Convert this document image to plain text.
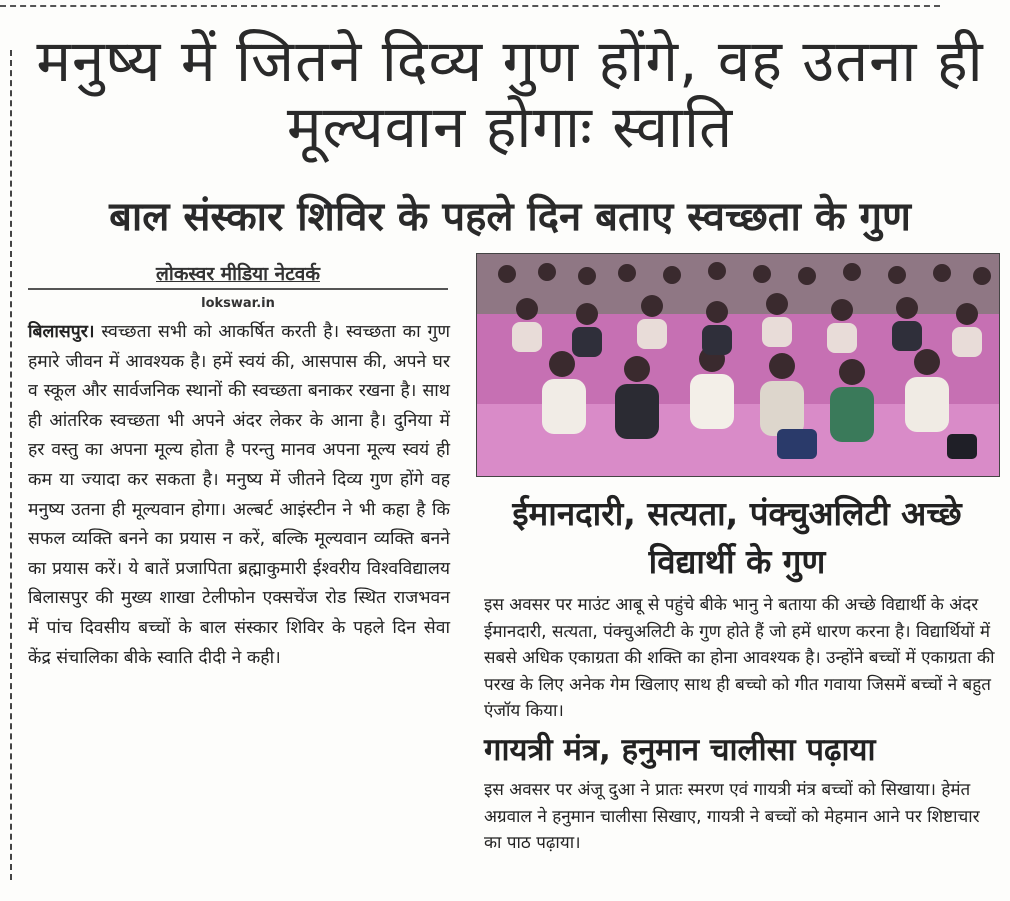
मनुष्य में जितने दिव्य गुण होंगे, वह उतना ही मूल्यवान होगाः स्वाति
बाल संस्कार शिविर के पहले दिन बताए स्वच्छता के गुण
लोकस्वर मीडिया नेटवर्क
lokswar.in
बिलासपुर। स्वच्छता सभी को आकर्षित करती है। स्वच्छता का गुण हमारे जीवन में आवश्यक है। हमें स्वयं की, आसपास की, अपने घर व स्कूल और सार्वजनिक स्थानों की स्वच्छता बनाकर रखना है। साथ ही आंतरिक स्वच्छता भी अपने अंदर लेकर के आना है। दुनिया में हर वस्तु का अपना मूल्य होता है परन्तु मानव अपना मूल्य स्वयं ही कम या ज्यादा कर सकता है। मनुष्य में जीतने दिव्य गुण होंगे वह मनुष्य उतना ही मूल्यवान होगा। अल्बर्ट आइंस्टीन ने भी कहा है कि सफल व्यक्ति बनने का प्रयास न करें, बल्कि मूल्यवान व्यक्ति बनने का प्रयास करें। ये बातें प्रजापिता ब्रह्माकुमारी ईश्वरीय विश्वविद्यालय बिलासपुर की मुख्य शाखा टेलीफोन एक्सचेंज रोड स्थित राजभवन में पांच दिवसीय बच्चों के बाल संस्कार शिविर के पहले दिन सेवा केंद्र संचालिका बीके स्वाति दीदी ने कही।
ईमानदारी, सत्यता, पंक्चुअलिटी अच्छे विद्यार्थी के गुण

इस अवसर पर माउंट आबू से पहुंचे बीके भानु ने बताया की अच्छे विद्यार्थी के अंदर ईमानदारी, सत्यता, पंक्चुअलिटी के गुण होते हैं जो हमें धारण करना है। विद्यार्थियों में सबसे अधिक एकाग्रता की शक्ति का होना आवश्यक है। उन्होंने बच्चों में एकाग्रता की परख के लिए अनेक गेम खिलाए साथ ही बच्चो को गीत गवाया जिसमें बच्चों ने बहुत एंजॉय किया।

गायत्री मंत्र, हनुमान चालीसा पढ़ाया

इस अवसर पर अंजू दुआ ने प्रातः स्मरण एवं गायत्री मंत्र बच्चों को सिखाया। हेमंत अग्रवाल ने हनुमान चालीसा सिखाए, गायत्री ने बच्चों को मेहमान आने पर शिष्टाचार का पाठ पढ़ाया।
